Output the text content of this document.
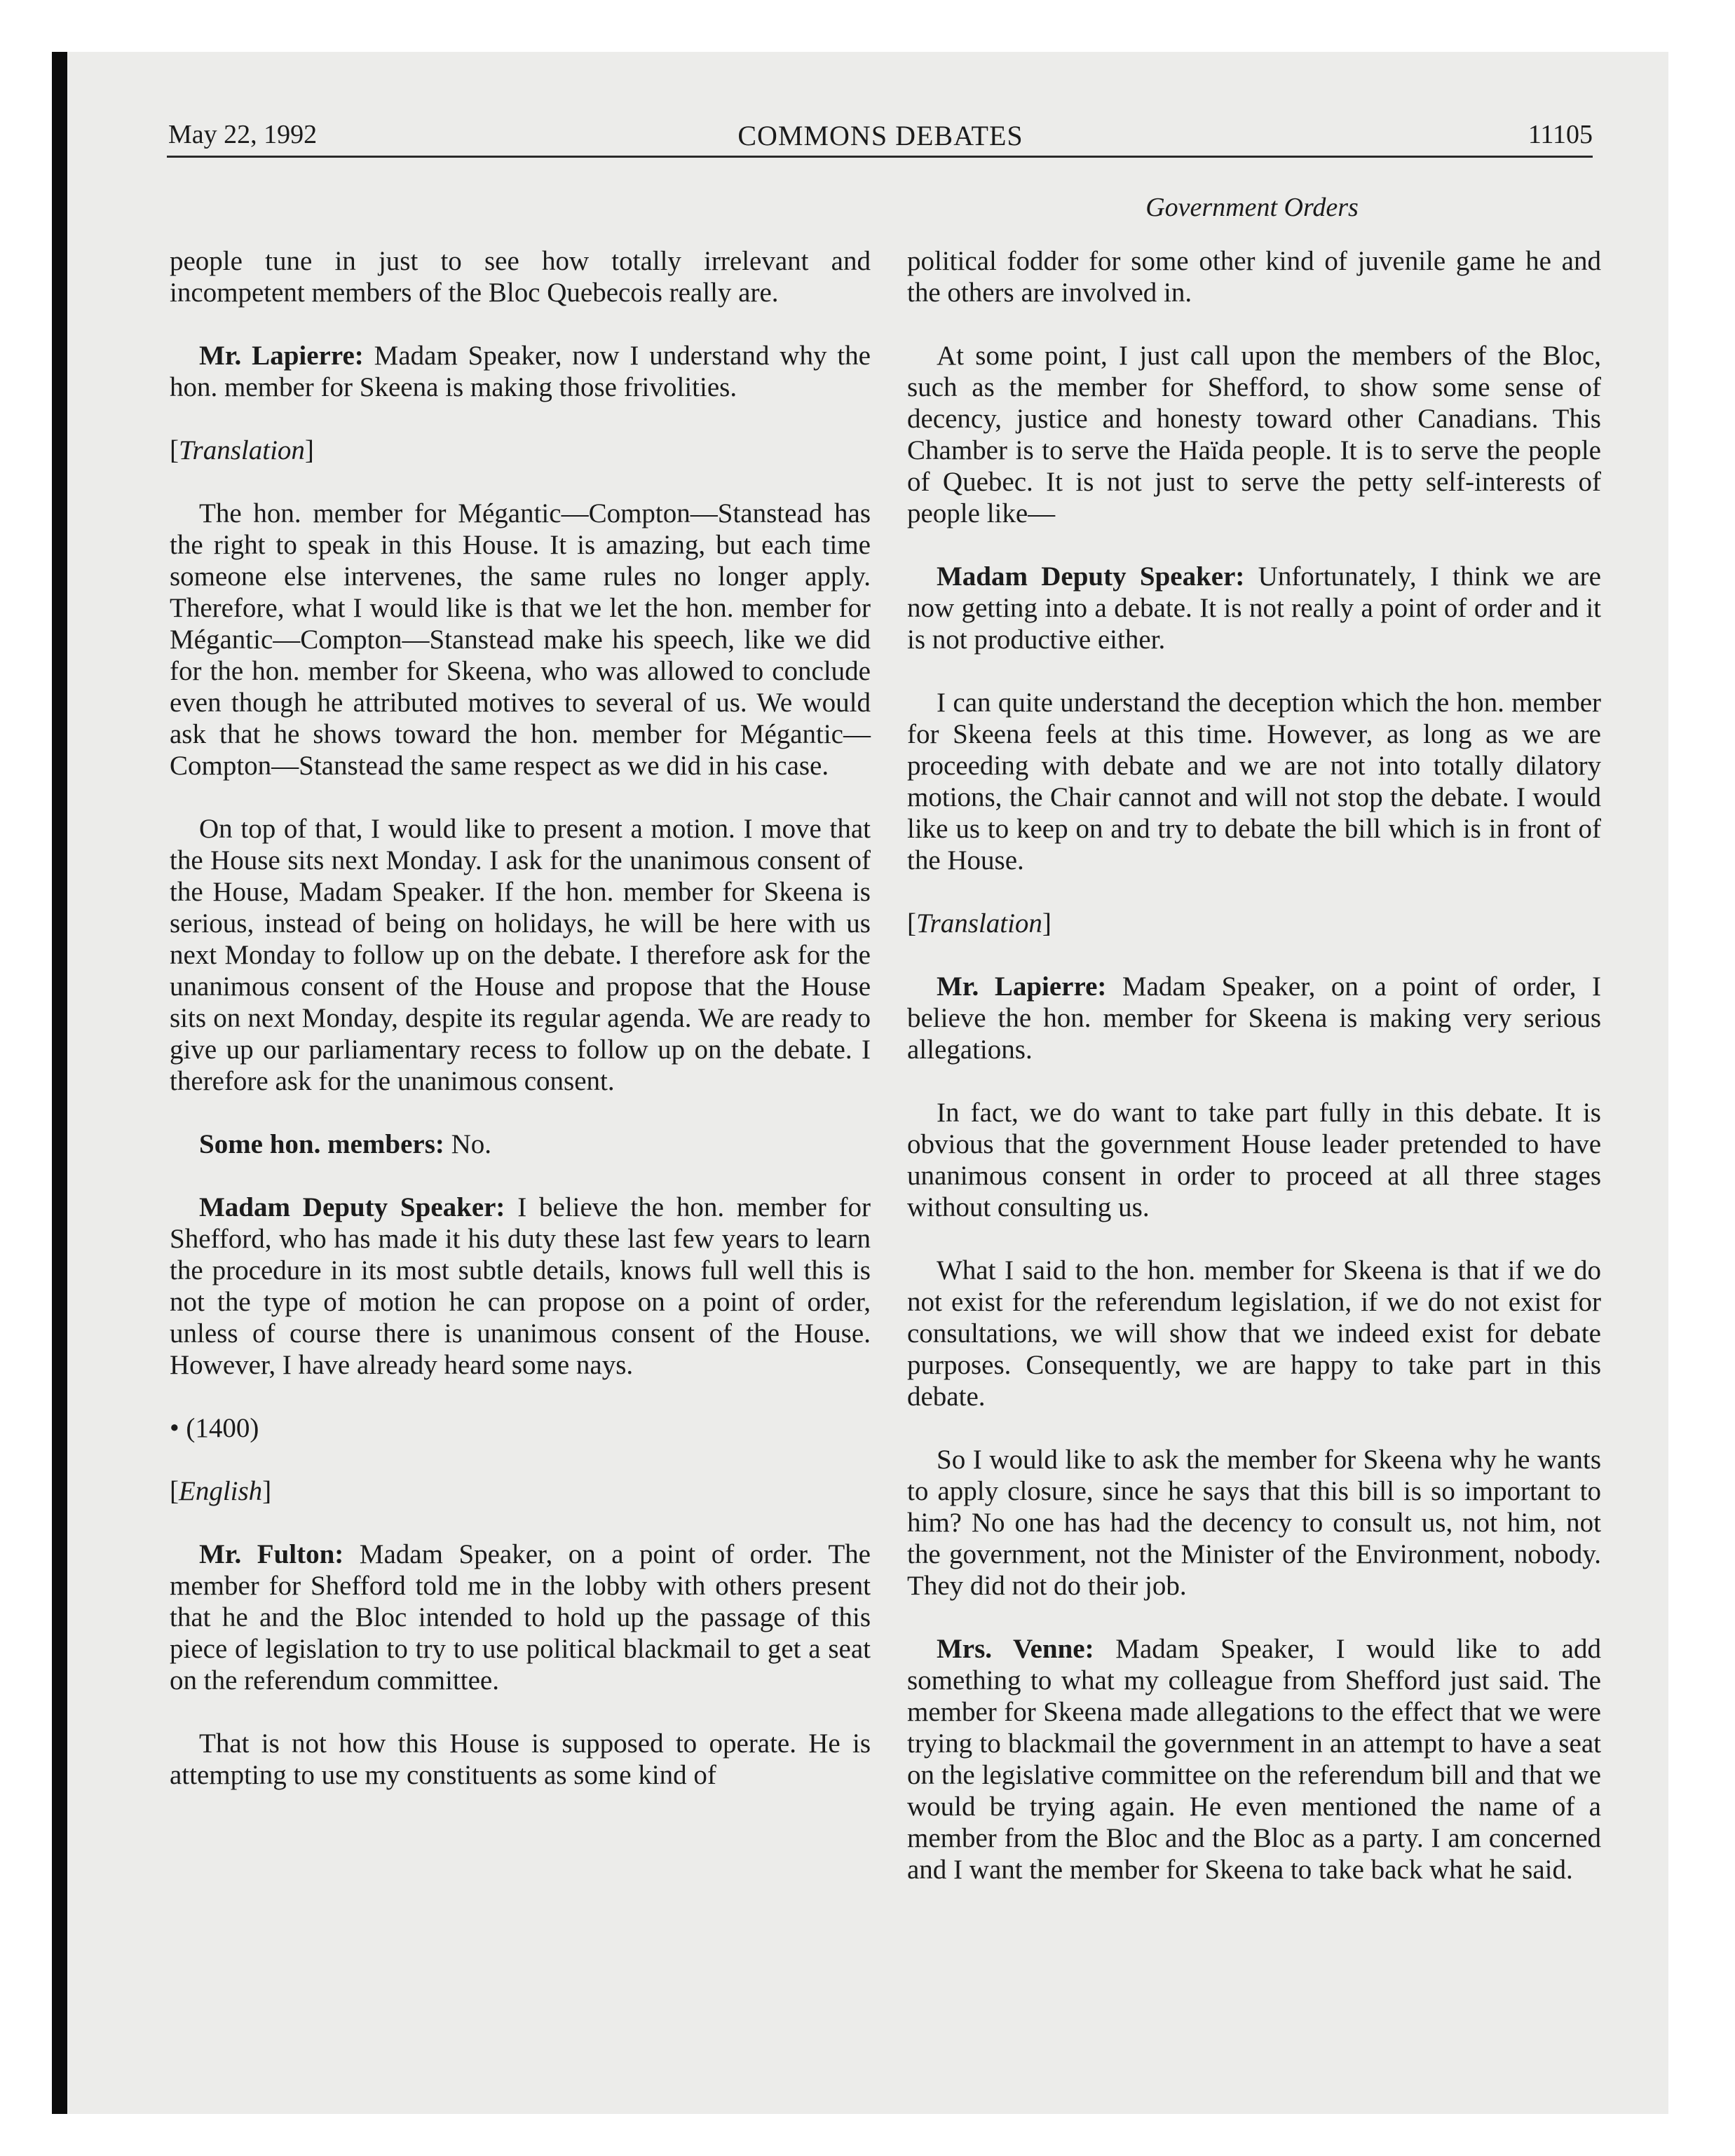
May 22, 1992	COMMONS DEBATES	11105
Government Orders

people tune in just to see how totally irrelevant and incompetent members of the Bloc Quebecois really are.

Mr. Lapierre: Madam Speaker, now I understand why the hon. member for Skeena is making those frivolities.

[Translation]

The hon. member for Mégantic—Compton—Stanstead has the right to speak in this House. It is amazing, but each time someone else intervenes, the same rules no longer apply. Therefore, what I would like is that we let the hon. member for Mégantic—Compton—Stanstead make his speech, like we did for the hon. member for Skeena, who was allowed to conclude even though he attributed motives to several of us. We would ask that he shows toward the hon. member for Mégantic—Compton—Stanstead the same respect as we did in his case.

On top of that, I would like to present a motion. I move that the House sits next Monday. I ask for the unanimous consent of the House, Madam Speaker. If the hon. member for Skeena is serious, instead of being on holidays, he will be here with us next Monday to follow up on the debate. I therefore ask for the unanimous consent of the House and propose that the House sits on next Monday, despite its regular agenda. We are ready to give up our parliamentary recess to follow up on the debate. I therefore ask for the unanimous consent.

Some hon. members: No.

Madam Deputy Speaker: I believe the hon. member for Shefford, who has made it his duty these last few years to learn the procedure in its most subtle details, knows full well this is not the type of motion he can propose on a point of order, unless of course there is unanimous consent of the House. However, I have already heard some nays.

• (1400)

[English]

Mr. Fulton: Madam Speaker, on a point of order. The member for Shefford told me in the lobby with others present that he and the Bloc intended to hold up the passage of this piece of legislation to try to use political blackmail to get a seat on the referendum committee.

That is not how this House is supposed to operate. He is attempting to use my constituents as some kind of

political fodder for some other kind of juvenile game he and the others are involved in.

At some point, I just call upon the members of the Bloc, such as the member for Shefford, to show some sense of decency, justice and honesty toward other Canadians. This Chamber is to serve the Haïda people. It is to serve the people of Quebec. It is not just to serve the petty self-interests of people like—

Madam Deputy Speaker: Unfortunately, I think we are now getting into a debate. It is not really a point of order and it is not productive either.

I can quite understand the deception which the hon. member for Skeena feels at this time. However, as long as we are proceeding with debate and we are not into totally dilatory motions, the Chair cannot and will not stop the debate. I would like us to keep on and try to debate the bill which is in front of the House.

[Translation]

Mr. Lapierre: Madam Speaker, on a point of order, I believe the hon. member for Skeena is making very serious allegations.

In fact, we do want to take part fully in this debate. It is obvious that the government House leader pretended to have unanimous consent in order to proceed at all three stages without consulting us.

What I said to the hon. member for Skeena is that if we do not exist for the referendum legislation, if we do not exist for consultations, we will show that we indeed exist for debate purposes. Consequently, we are happy to take part in this debate.

So I would like to ask the member for Skeena why he wants to apply closure, since he says that this bill is so important to him? No one has had the decency to consult us, not him, not the government, not the Minister of the Environment, nobody. They did not do their job.

Mrs. Venne: Madam Speaker, I would like to add something to what my colleague from Shefford just said. The member for Skeena made allegations to the effect that we were trying to blackmail the government in an attempt to have a seat on the legislative committee on the referendum bill and that we would be trying again. He even mentioned the name of a member from the Bloc and the Bloc as a party. I am concerned and I want the member for Skeena to take back what he said.
